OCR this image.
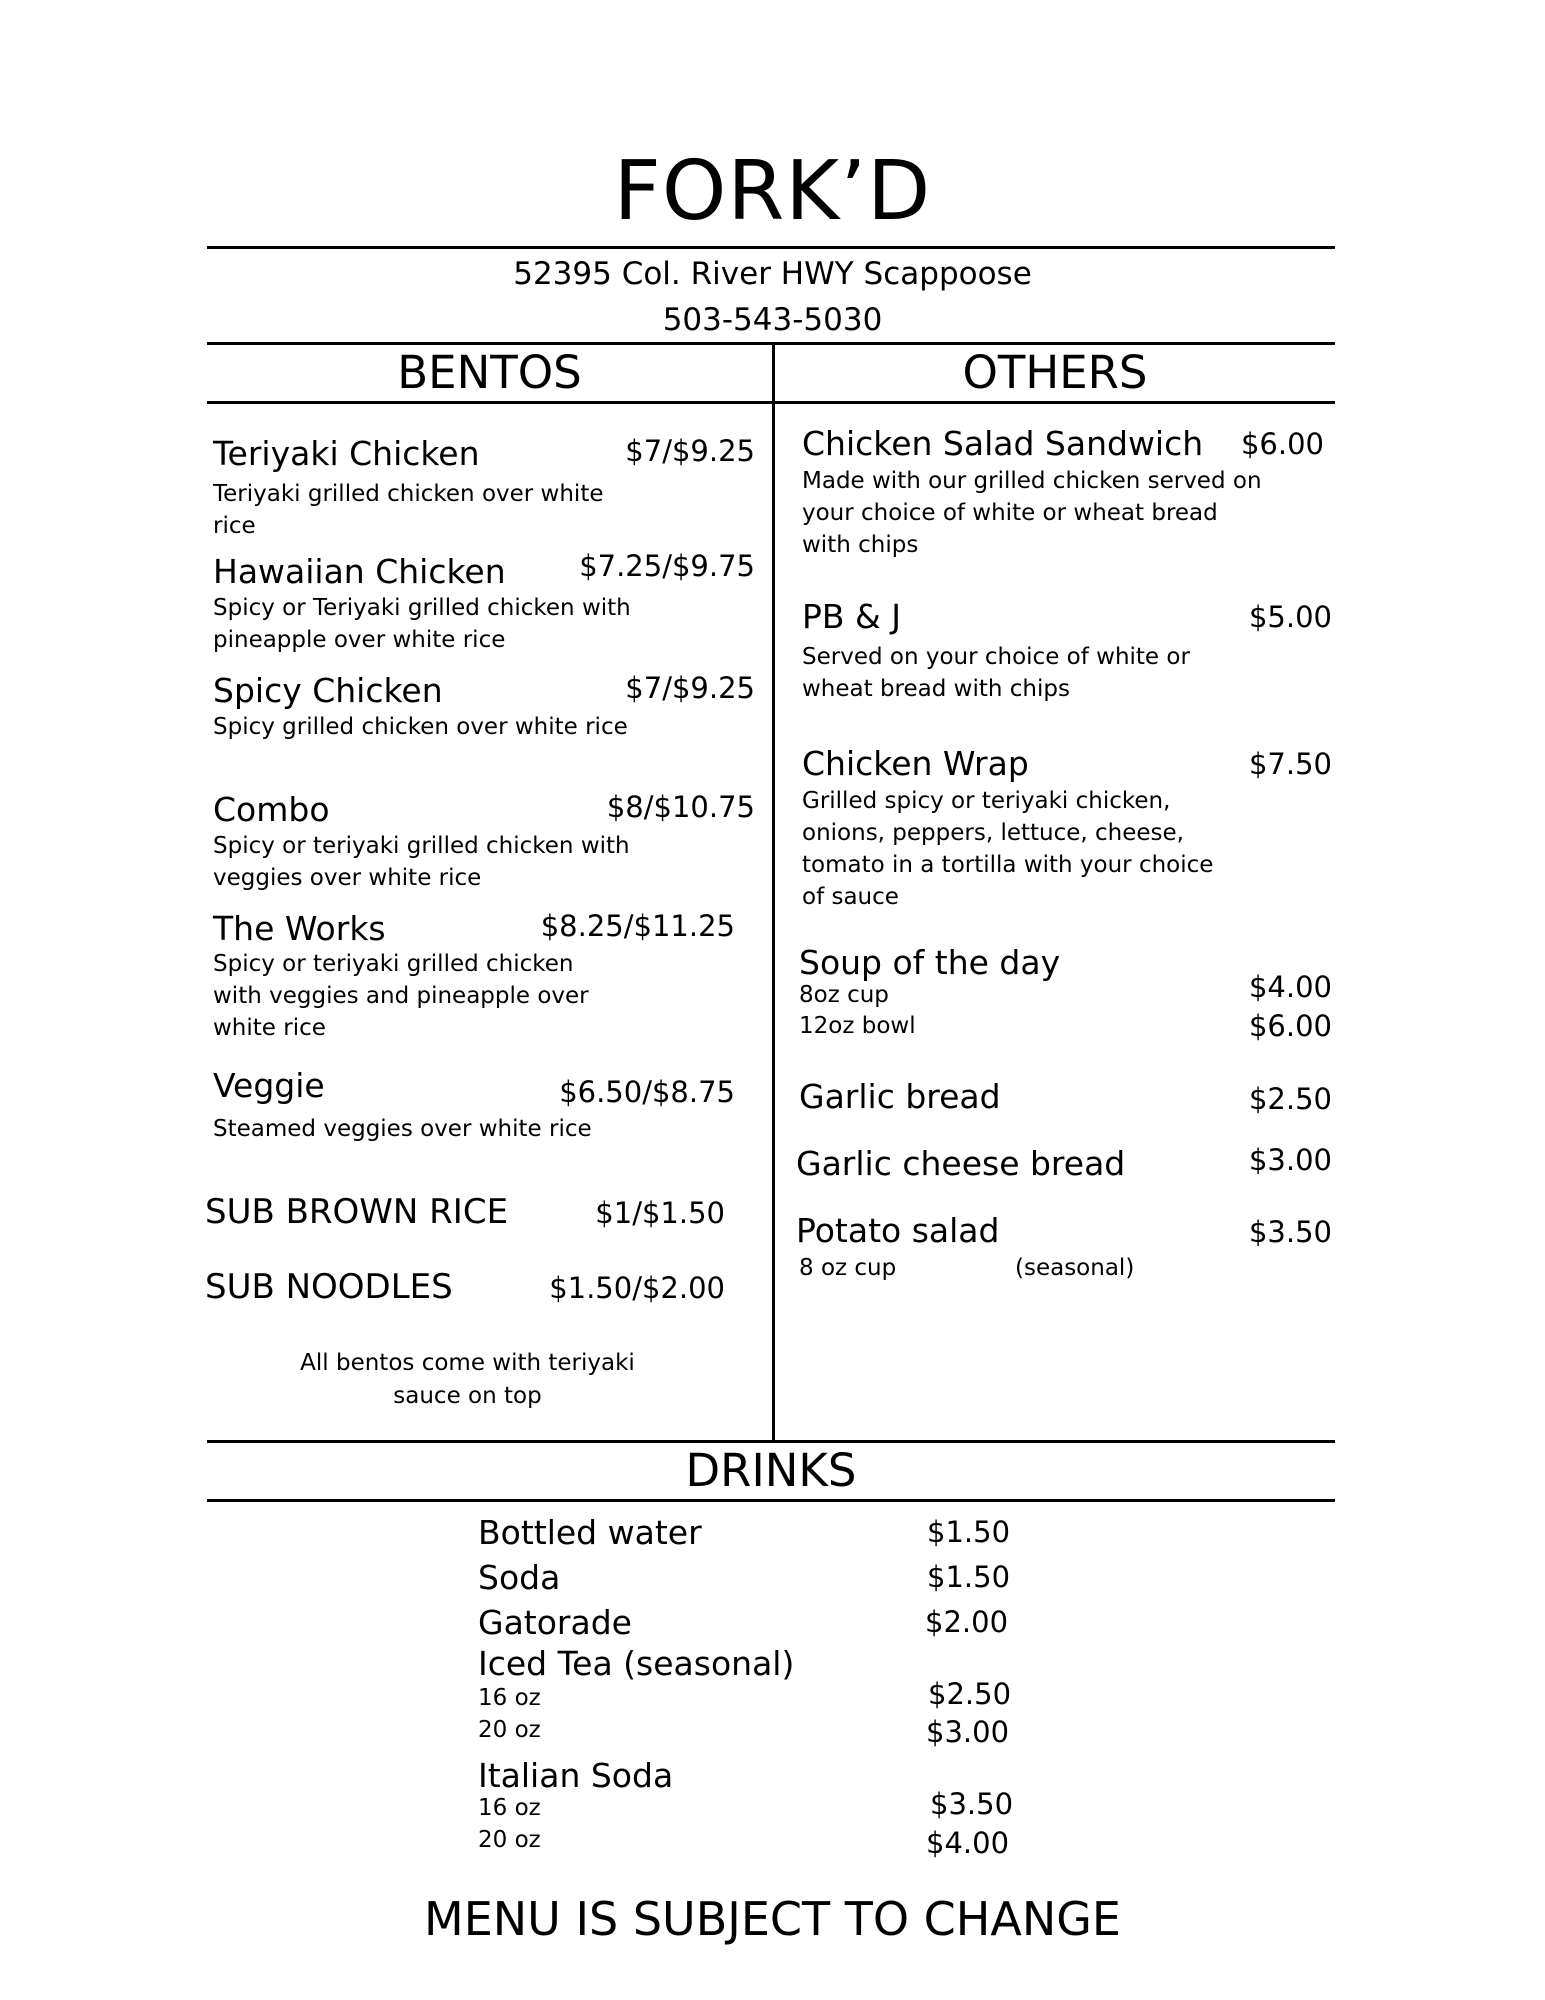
FORK’D
52395 Col. River HWY Scappoose
503-543-5030
BENTOS	OTHERS
Teriyaki Chicken	$7/$9.25
Teriyaki grilled chicken over white rice
Hawaiian Chicken	$7.25/$9.75
Spicy or Teriyaki grilled chicken with pineapple over white rice
Spicy Chicken	$7/$9.25
Spicy grilled chicken over white rice
Combo	$8/$10.75
Spicy or teriyaki grilled chicken with veggies over white rice
The Works	$8.25/$11.25
Spicy or teriyaki grilled chicken with veggies and pineapple over white rice
Veggie	$6.50/$8.75
Steamed veggies over white rice
SUB BROWN RICE	$1/$1.50
SUB NOODLES	$1.50/$2.00
All bentos come with teriyaki sauce on top
Chicken Salad Sandwich $6.00
Made with our grilled chicken served on your choice of white or wheat bread with chips
PB & J	$5.00
Served on your choice of white or wheat bread with chips
Chicken Wrap	$7.50
Grilled spicy or teriyaki chicken, onions, peppers, lettuce, cheese, tomato in a tortilla with your choice of sauce
Soup of the day
8oz cup	$4.00
12oz bowl	$6.00
Garlic bread	$2.50
Garlic cheese bread	$3.00
Potato salad	$3.50
8 oz cup	(seasonal)
DRINKS
Bottled water	$1.50
Soda	$1.50
Gatorade	$2.00
Iced Tea (seasonal)
16 oz	$2.50
20 oz	$3.00
Italian Soda
16 oz	$3.50
20 oz	$4.00
MENU IS SUBJECT TO CHANGE
